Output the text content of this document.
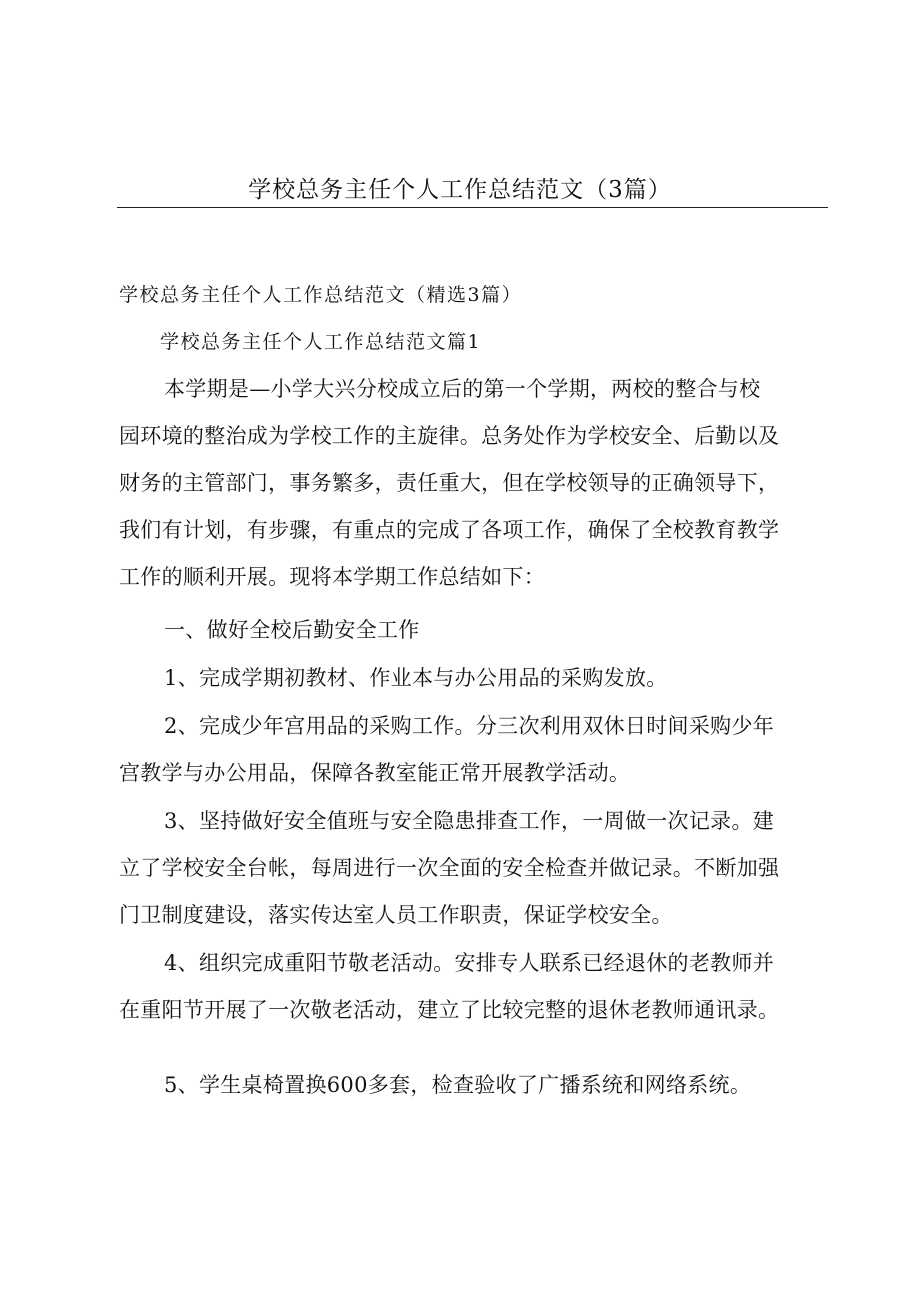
学校总务主任个人工作总结范文（3篇）
学校总务主任个人工作总结范文（精选3篇）
学校总务主任个人工作总结范文篇1
本学期是—小学大兴分校成立后的第一个学期，两校的整合与校
园环境的整治成为学校工作的主旋律。总务处作为学校安全、后勤以及
财务的主管部门，事务繁多，责任重大，但在学校领导的正确领导下，
我们有计划，有步骤，有重点的完成了各项工作，确保了全校教育教学
工作的顺利开展。现将本学期工作总结如下：
一、做好全校后勤安全工作
1、完成学期初教材、作业本与办公用品的采购发放。
2、完成少年宫用品的采购工作。分三次利用双休日时间采购少年
宫教学与办公用品，保障各教室能正常开展教学活动。
3、坚持做好安全值班与安全隐患排查工作，一周做一次记录。建
立了学校安全台帐，每周进行一次全面的安全检查并做记录。不断加强
门卫制度建设，落实传达室人员工作职责，保证学校安全。
4、组织完成重阳节敬老活动。安排专人联系已经退休的老教师并
在重阳节开展了一次敬老活动，建立了比较完整的退休老教师通讯录。
5、学生桌椅置换600多套，检查验收了广播系统和网络系统。
